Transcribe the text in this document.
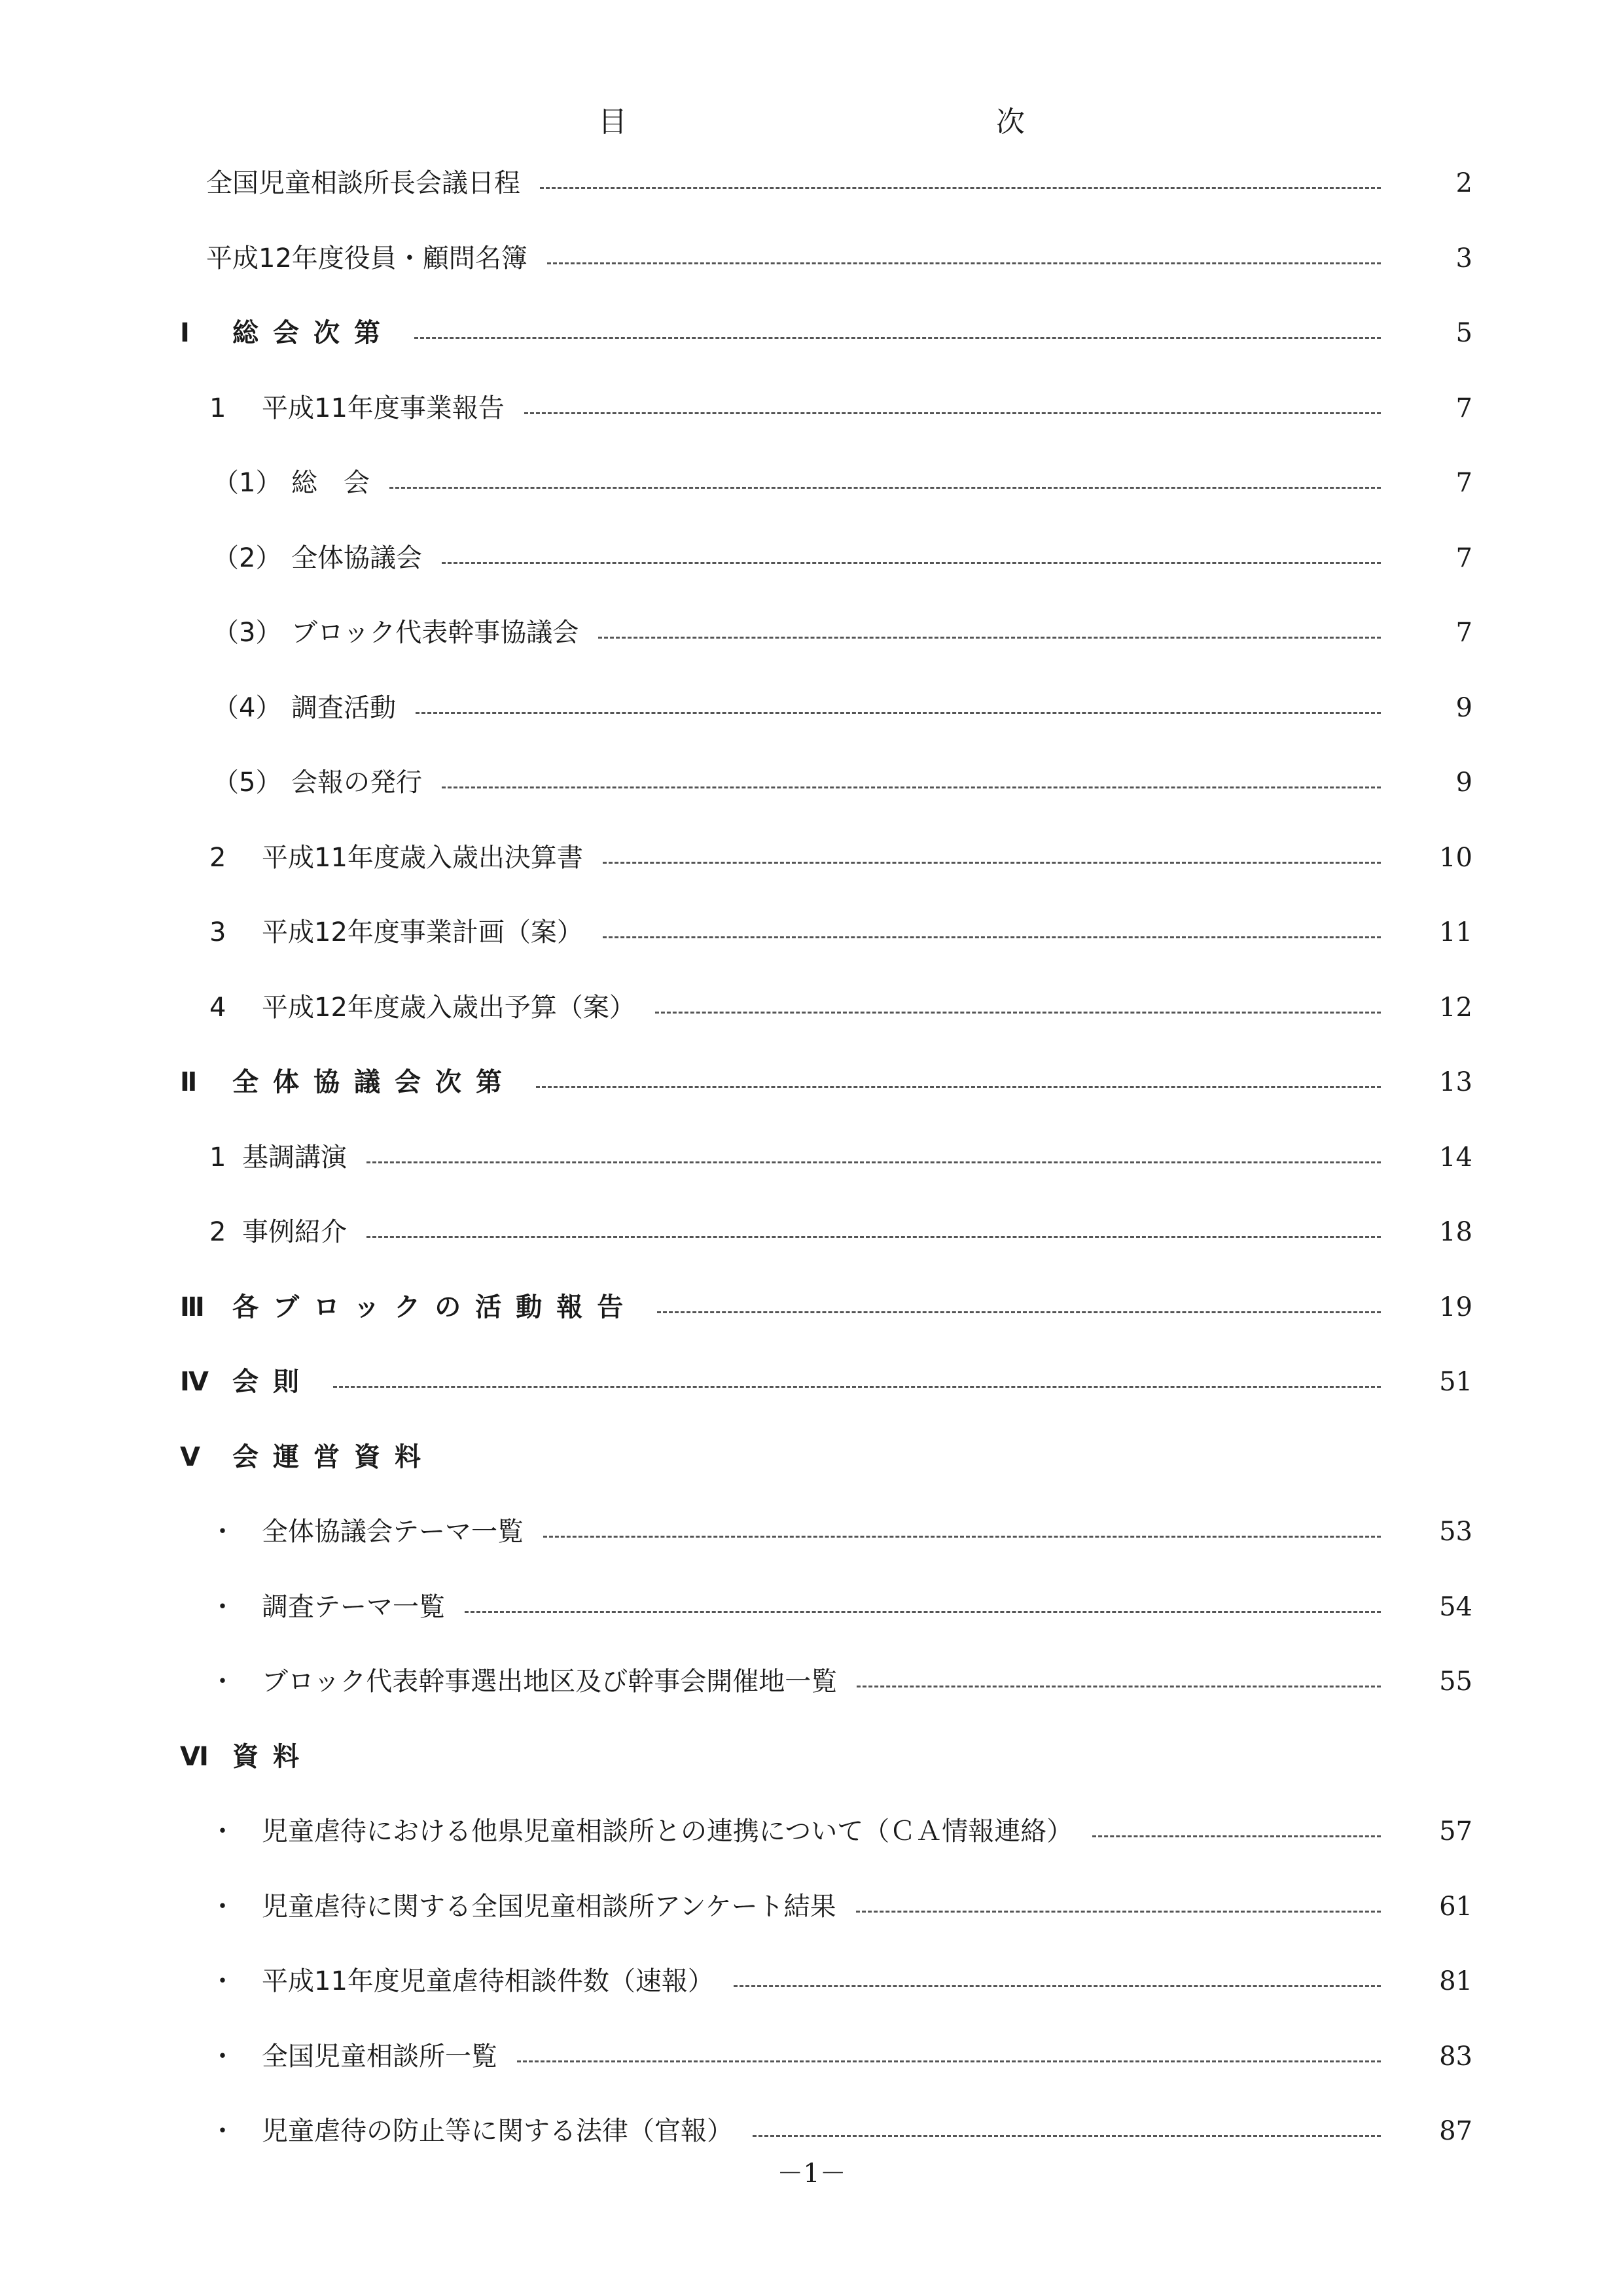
目　次
全国児童相談所長会議日程	2
平成12年度役員・顧問名簿	3
Ⅰ 総会次第	5
1 平成11年度事業報告	7
（1） 総　会	7
（2） 全体協議会	7
（3） ブロック代表幹事協議会	7
（4） 調査活動	9
（5） 会報の発行	9
2 平成11年度歳入歳出決算書	10
3 平成12年度事業計画（案）	11
4 平成12年度歳入歳出予算（案）	12
Ⅱ 全体協議会次第	13
1 基調講演	14
2 事例紹介	18
Ⅲ 各ブロックの活動報告	19
Ⅳ 会則	51
Ⅴ 会運営資料
・ 全体協議会テーマ一覧	53
・ 調査テーマ一覧	54
・ ブロック代表幹事選出地区及び幹事会開催地一覧	55
Ⅵ 資料
・ 児童虐待における他県児童相談所との連携について（ＣＡ情報連絡）	57
・ 児童虐待に関する全国児童相談所アンケート結果	61
・ 平成11年度児童虐待相談件数（速報）	81
・ 全国児童相談所一覧	83
・ 児童虐待の防止等に関する法律（官報）	87
－1－
